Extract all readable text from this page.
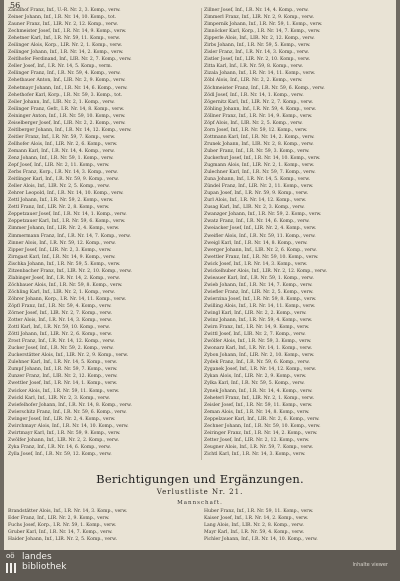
56
Zandlhof Franz, Inf., U.-R. Nr. 2, 3. Komp., verw.
Zeiner Johann, Inf., I.R. Nr. 14, 10. Komp., tot.
Zauner Franz, Inf., LIR. Nr. 2, 12. Komp., verw.
Zechmeister Josef, Inf., I.R. Nr. 14, 9. Komp., verw.
Zehetner Karl, Inf., I.R. Nr. 59, 11. Komp., verw.
Zeilinger Alois, Korp., LIR. Nr. 2, 1. Komp., verw.
Zeilinger Johann, Inf., I.R. Nr. 14, 2. Komp., verw.
Zeitlhofer Ferdinand, Inf., LIR. Nr. 2, 7. Komp., verw.
Zeller Josef, Inf., I.R. Nr. 14, 5. Komp., verm.
Zellinger Franz, Inf., I.R. Nr. 59, 4. Komp., verw.
Zehetbauer Anton, Inf., LIR. Nr. 2, 9. Komp., verw.
Zehetmayr Johann, Inf., I.R. Nr. 14, 6. Komp., verw.
Zehethofer Karl, Korp., I.R. Nr. 59, 3. Komp., tot.
Zeiler Johann, Inf., LIR. Nr. 2, 1. Komp., verw.
Zeilinger Franz, Gefr., I.R. Nr. 14, 8. Komp., verw.
Zeininger Anton, Inf., I.R. Nr. 59, 10. Komp., verw.
Zeiselberger Josef, Inf., LIR. Nr. 2, 2. Komp., verw.
Zeitlberger Johann, Inf., I.R. Nr. 14, 12. Komp., verw.
Zeitler Franz, Inf., I.R. Nr. 59, 7. Komp., verw.
Zellhofer Alois, Inf., LIR. Nr. 2, 6. Komp., verw.
Zemann Karl, Inf., I.R. Nr. 14, 4. Komp., verw.
Zenz Johann, Inf., I.R. Nr. 59, 1. Komp., verw.
Zepf Josef, Inf., LIR. Nr. 2, 11. Komp., verw.
Zerbs Franz, Korp., I.R. Nr. 14, 3. Komp., verw.
Zeitlinger Karl, Inf., I.R. Nr. 59, 9. Komp., verw.
Zeller Alois, Inf., LIR. Nr. 2, 5. Komp., verw.
Zehrer Leopold, Inf., I.R. Nr. 14, 10. Komp., verw.
Zettl Johann, Inf., I.R. Nr. 59, 2. Komp., verw.
Zettl Franz, Inf., LIR. Nr. 2, 8. Komp., verw.
Zeppetzauer Josef, Inf., I.R. Nr. 14, 1. Komp., verw.
Zeppetzauer Karl, Inf., I.R. Nr. 59, 6. Komp., verw.
Zimmer Johann, Inf., LIR. Nr. 2, 4. Komp., verw.
Zimmermann Franz, Inf., I.R. Nr. 14, 7. Komp., verw.
Zinner Alois, Inf., I.R. Nr. 59, 12. Komp., verw.
Zipper Josef, Inf., LIR. Nr. 2, 3. Komp., verw.
Zirngast Karl, Inf., I.R. Nr. 14, 9. Komp., verw.
Zischka Johann, Inf., I.R. Nr. 59, 5. Komp., verw.
Zitzenbacher Franz, Inf., LIR. Nr. 2, 10. Komp., verw.
Zlabinger Josef, Inf., I.R. Nr. 14, 2. Komp., verw.
Zöchbauer Alois, Inf., I.R. Nr. 59, 8. Komp., verw.
Zöchling Karl, Inf., LIR. Nr. 2, 1. Komp., verw.
Zöhrer Johann, Korp., I.R. Nr. 14, 11. Komp., verw.
Zöpfl Franz, Inf., I.R. Nr. 59, 4. Komp., verw.
Zörner Josef, Inf., LIR. Nr. 2, 7. Komp., verw.
Zotter Alois, Inf., I.R. Nr. 14, 3. Komp., verw.
Zottl Karl, Inf., I.R. Nr. 59, 10. Komp., verw.
Zöttl Johann, Inf., LIR. Nr. 2, 6. Komp., verw.
Zrost Franz, Inf., I.R. Nr. 14, 12. Komp., verw.
Zucker Josef, Inf., I.R. Nr. 59, 2. Komp., verw.
Zuckerstätter Alois, Inf., LIR. Nr. 2, 9. Komp., verw.
Zulehner Karl, Inf., I.R. Nr. 14, 5. Komp., verw.
Zumpf Johann, Inf., I.R. Nr. 59, 7. Komp., verw.
Zunzer Franz, Inf., LIR. Nr. 2, 12. Komp., verw.
Zwettler Josef, Inf., I.R. Nr. 14, 1. Komp., verw.
Zwicker Alois, Inf., I.R. Nr. 59, 11. Komp., verw.
Zwickl Karl, Inf., LIR. Nr. 2, 3. Komp., verw.
Zwiefelhofer Johann, Inf., I.R. Nr. 14, 8. Komp., verw.
Zwierschitz Franz, Inf., I.R. Nr. 59, 6. Komp., verw.
Zwinger Josef, Inf., LIR. Nr. 2, 4. Komp., verw.
Zwirchmayr Alois, Inf., I.R. Nr. 14, 10. Komp., verw.
Zwirtmayr Karl, Inf., I.R. Nr. 59, 9. Komp., verw.
Zwölfer Johann, Inf., LIR. Nr. 2, 2. Komp., verw.
Zyka Franz, Inf., I.R. Nr. 14, 6. Komp., verw.
Zylla Josef, Inf., I.R. Nr. 59, 12. Komp., verw.
Zillner Josef, Inf., I.R. Nr. 14, 4. Komp., verw.
Zimmerl Franz, Inf., LIR. Nr. 2, 9. Komp., verw.
Zimpernik Johann, Inf., I.R. Nr. 59, 1. Komp., verw.
Zinnöcker Karl, Korp., I.R. Nr. 14, 7. Komp., verw.
Zipperle Alois, Inf., LIR. Nr. 2, 12. Komp., verw.
Zirbs Johann, Inf., I.R. Nr. 59, 5. Komp., verw.
Zisler Franz, Inf., I.R. Nr. 14, 3. Komp., verw.
Zistler Josef, Inf., LIR. Nr. 2, 10. Komp., verw.
Zitta Karl, Inf., I.R. Nr. 59, 8. Komp., verw.
Zizala Johann, Inf., I.R. Nr. 14, 11. Komp., verw.
Zöbl Alois, Inf., LIR. Nr. 2, 2. Komp., verw.
Zöchmeister Franz, Inf., I.R. Nr. 59, 6. Komp., verw.
Zödl Josef, Inf., I.R. Nr. 14, 1. Komp., verw.
Zögernitz Karl, Inf., LIR. Nr. 2, 7. Komp., verw.
Zöhling Johann, Inf., I.R. Nr. 59, 4. Komp., verw.
Zöllner Franz, Inf., I.R. Nr. 14, 9. Komp., verw.
Zöpf Alois, Inf., LIR. Nr. 2, 5. Komp., verw.
Zorn Josef, Inf., I.R. Nr. 59, 12. Komp., verw.
Zottmann Karl, Inf., I.R. Nr. 14, 2. Komp., verw.
Zrunek Johann, Inf., LIR. Nr. 2, 8. Komp., verw.
Zuber Franz, Inf., I.R. Nr. 59, 3. Komp., verw.
Zuckerhut Josef, Inf., I.R. Nr. 14, 10. Komp., verw.
Zugmann Alois, Inf., LIR. Nr. 2, 1. Komp., verw.
Zulechner Karl, Inf., I.R. Nr. 59, 7. Komp., verw.
Zuna Johann, Inf., I.R. Nr. 14, 5. Komp., verw.
Zündel Franz, Inf., LIR. Nr. 2, 11. Komp., verw.
Zupan Josef, Inf., I.R. Nr. 59, 9. Komp., verw.
Zurl Alois, Inf., I.R. Nr. 14, 12. Komp., verw.
Zusag Karl, Inf., LIR. Nr. 2, 3. Komp., verw.
Zwanzger Johann, Inf., I.R. Nr. 59, 2. Komp., verw.
Zwatz Franz, Inf., I.R. Nr. 14, 6. Komp., verw.
Zweiacker Josef, Inf., LIR. Nr. 2, 4. Komp., verw.
Zweifler Alois, Inf., I.R. Nr. 59, 11. Komp., verw.
Zweigl Karl, Inf., I.R. Nr. 14, 8. Komp., verw.
Zwerger Johann, Inf., LIR. Nr. 2, 6. Komp., verw.
Zwettler Franz, Inf., I.R. Nr. 59, 10. Komp., verw.
Zwick Josef, Inf., I.R. Nr. 14, 3. Komp., verw.
Zwickelhuber Alois, Inf., LIR. Nr. 2, 12. Komp., verw.
Zwieauer Karl, Inf., I.R. Nr. 59, 1. Komp., verw.
Zwieb Johann, Inf., I.R. Nr. 14, 7. Komp., verw.
Zwiefler Franz, Inf., LIR. Nr. 2, 5. Komp., verw.
Zwierzina Josef, Inf., I.R. Nr. 59, 8. Komp., verw.
Zwilling Alois, Inf., I.R. Nr. 14, 11. Komp., verw.
Zwingl Karl, Inf., LIR. Nr. 2, 2. Komp., verw.
Zwinz Johann, Inf., I.R. Nr. 59, 4. Komp., verw.
Zwirn Franz, Inf., I.R. Nr. 14, 9. Komp., verw.
Zwittl Josef, Inf., LIR. Nr. 2, 7. Komp., verw.
Zwölfer Alois, Inf., I.R. Nr. 59, 3. Komp., verw.
Zwonarz Karl, Inf., I.R. Nr. 14, 1. Komp., verw.
Zybon Johann, Inf., LIR. Nr. 2, 10. Komp., verw.
Zydek Franz, Inf., I.R. Nr. 59, 6. Komp., verw.
Zyganek Josef, Inf., I.R. Nr. 14, 12. Komp., verw.
Zykan Alois, Inf., LIR. Nr. 2, 9. Komp., verw.
Zylka Karl, Inf., I.R. Nr. 59, 5. Komp., verw.
Zynek Johann, Inf., I.R. Nr. 14, 4. Komp., verw.
Zeheterl Franz, Inf., LIR. Nr. 2, 1. Komp., verw.
Zeisler Josef, Inf., I.R. Nr. 59, 11. Komp., verw.
Zeman Alois, Inf., I.R. Nr. 14, 8. Komp., verw.
Zeppelzauer Karl, Inf., LIR. Nr. 2, 6. Komp., verw.
Zechner Johann, Inf., I.R. Nr. 59, 10. Komp., verw.
Zeiringer Franz, Inf., I.R. Nr. 14, 2. Komp., verw.
Zetter Josef, Inf., LIR. Nr. 2, 12. Komp., verw.
Zeugner Alois, Inf., I.R. Nr. 59, 7. Komp., verw.
Zichtl Karl, Inf., I.R. Nr. 14, 3. Komp., verw.
Berichtigungen und Ergänzungen.
Verlustliste Nr. 21.
Mannschaft.
Brandstätter Alois, Inf., I.R. Nr. 14, 3. Komp., verw.
Eder Franz, Inf., LIR. Nr. 2, 9. Komp., verw.
Fuchs Josef, Korp., I.R. Nr. 59, 1. Komp., verw.
Gruber Karl, Inf., I.R. Nr. 14, 7. Komp., verw.
Haider Johann, Inf., LIR. Nr. 2, 5. Komp., verw.
Huber Franz, Inf., I.R. Nr. 59, 11. Komp., verw.
Kaiser Josef, Inf., I.R. Nr. 14, 2. Komp., verw.
Lang Alois, Inf., LIR. Nr. 2, 8. Komp., verw.
Mayr Karl, Inf., I.R. Nr. 59, 4. Komp., verw.
Pichler Johann, Inf., I.R. Nr. 14, 10. Komp., verw.
oö landes
bibliothek	Inhalte viewer
